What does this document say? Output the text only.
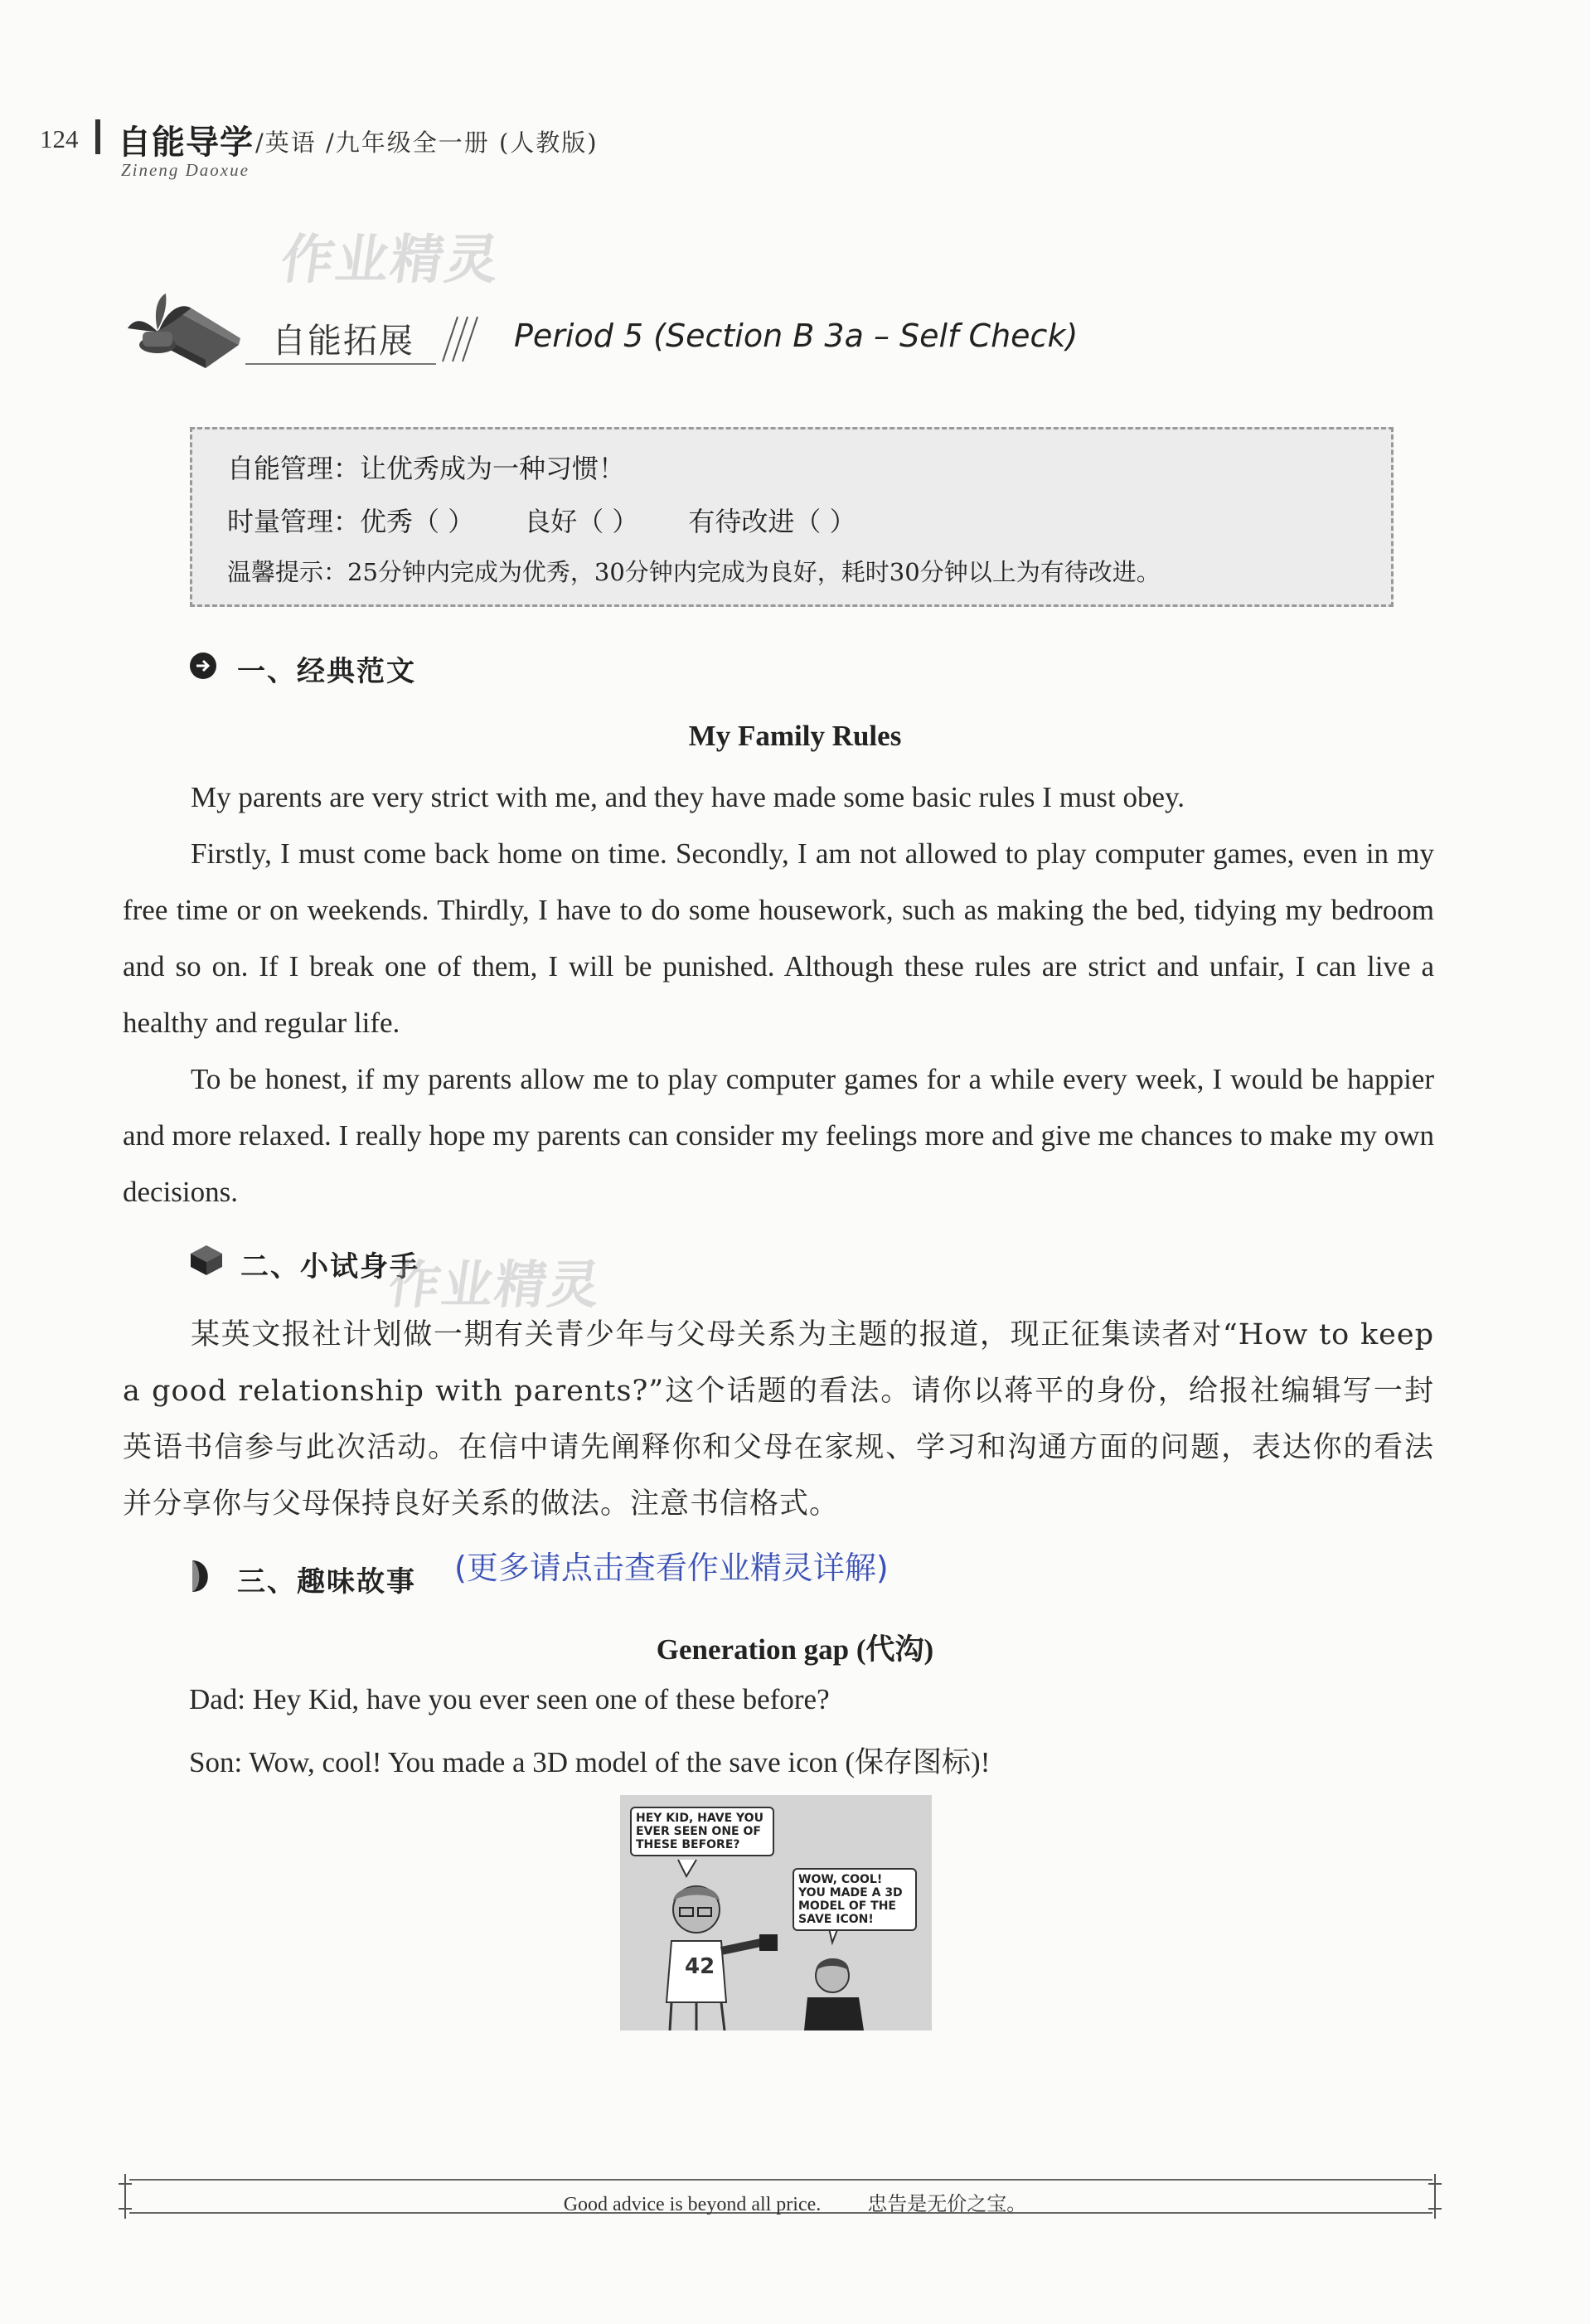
124 自能导学 /英语 /九年级全一册 (人教版)
Zineng Daoxue
作业精灵
自能拓展	Period 5 (Section B 3a – Self Check)
自能管理：让优秀成为一种习惯！
时量管理：优秀（ ） 良好（ ） 有待改进（ ）
温馨提示：25分钟内完成为优秀，30分钟内完成为良好，耗时30分钟以上为有待改进。
一、经典范文
My Family Rules

My parents are very strict with me, and they have made some basic rules I must obey.

Firstly, I must come back home on time. Secondly, I am not allowed to play computer games, even in my free time or on weekends. Thirdly, I have to do some housework, such as making the bed, tidying my bedroom and so on. If I break one of them, I will be punished. Although these rules are strict and unfair, I can live a healthy and regular life.

To be honest, if my parents allow me to play computer games for a while every week, I would be happier and more relaxed. I really hope my parents can consider my feelings more and give me chances to make my own decisions.

二、小试身手
作业精灵

某英文报社计划做一期有关青少年与父母关系为主题的报道，现正征集读者对“How to keep a good relationship with parents?”这个话题的看法。请你以蒋平的身份，给报社编辑写一封英语书信参与此次活动。在信中请先阐释你和父母在家规、学习和沟通方面的问题，表达你的看法并分享你与父母保持良好关系的做法。注意书信格式。

三、趣味故事 (更多请点击查看作业精灵详解)
Generation gap (代沟)
Dad: Hey Kid, have you ever seen one of these before?
Son: Wow, cool! You made a 3D model of the save icon (保存图标)!
HEY KID, HAVE YOU EVER SEEN ONE OF THESE BEFORE?
WOW, COOL! YOU MADE A 3D MODEL OF THE SAVE ICON!
42
Good advice is beyond all price. 忠告是无价之宝。
